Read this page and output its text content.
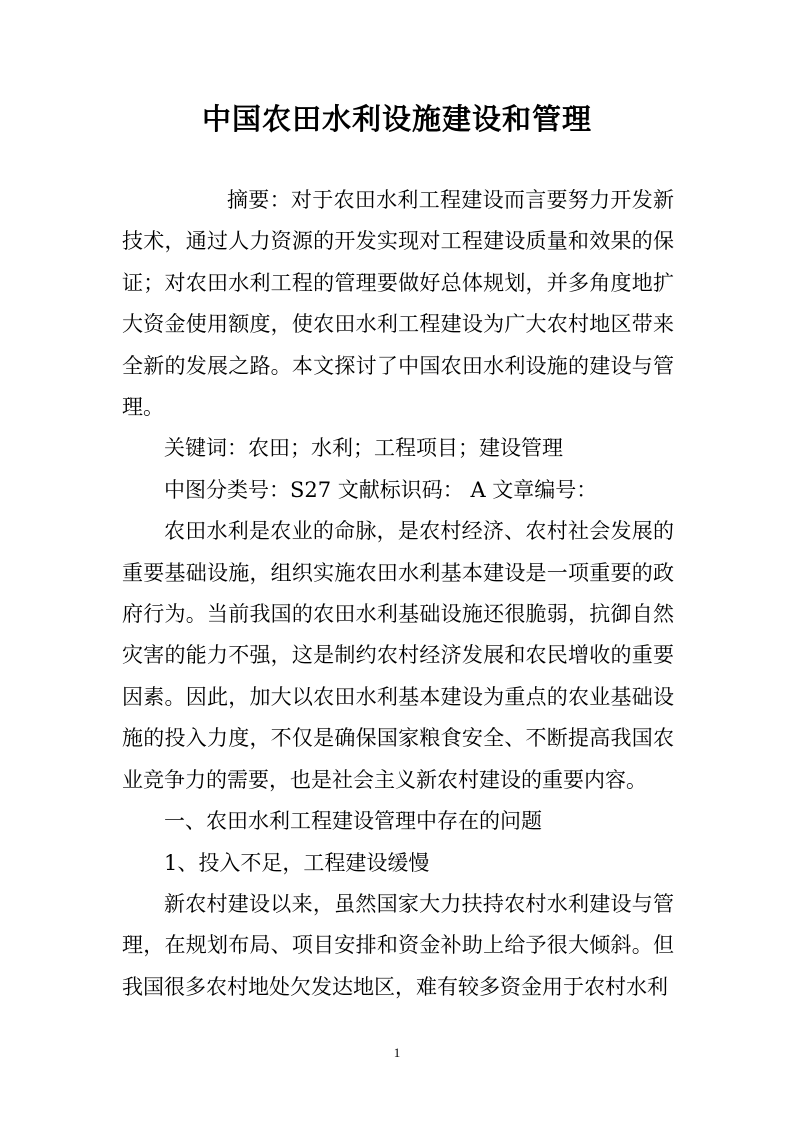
中国农田水利设施建设和管理

摘要：对于农田水利工程建设而言要努力开发新技术，通过人力资源的开发实现对工程建设质量和效果的保证；对农田水利工程的管理要做好总体规划，并多角度地扩大资金使用额度，使农田水利工程建设为广大农村地区带来全新的发展之路。本文探讨了中国农田水利设施的建设与管理。

关键词：农田；水利；工程项目；建设管理

中图分类号：S27 文献标识码： A 文章编号：

农田水利是农业的命脉，是农村经济、农村社会发展的重要基础设施，组织实施农田水利基本建设是一项重要的政府行为。当前我国的农田水利基础设施还很脆弱，抗御自然灾害的能力不强，这是制约农村经济发展和农民增收的重要因素。因此，加大以农田水利基本建设为重点的农业基础设施的投入力度，不仅是确保国家粮食安全、不断提高我国农业竞争力的需要，也是社会主义新农村建设的重要内容。

一、农田水利工程建设管理中存在的问题

1、投入不足，工程建设缓慢

新农村建设以来，虽然国家大力扶持农村水利建设与管理，在规划布局、项目安排和资金补助上给予很大倾斜。但我国很多农村地处欠发达地区，难有较多资金用于农村水利

1
